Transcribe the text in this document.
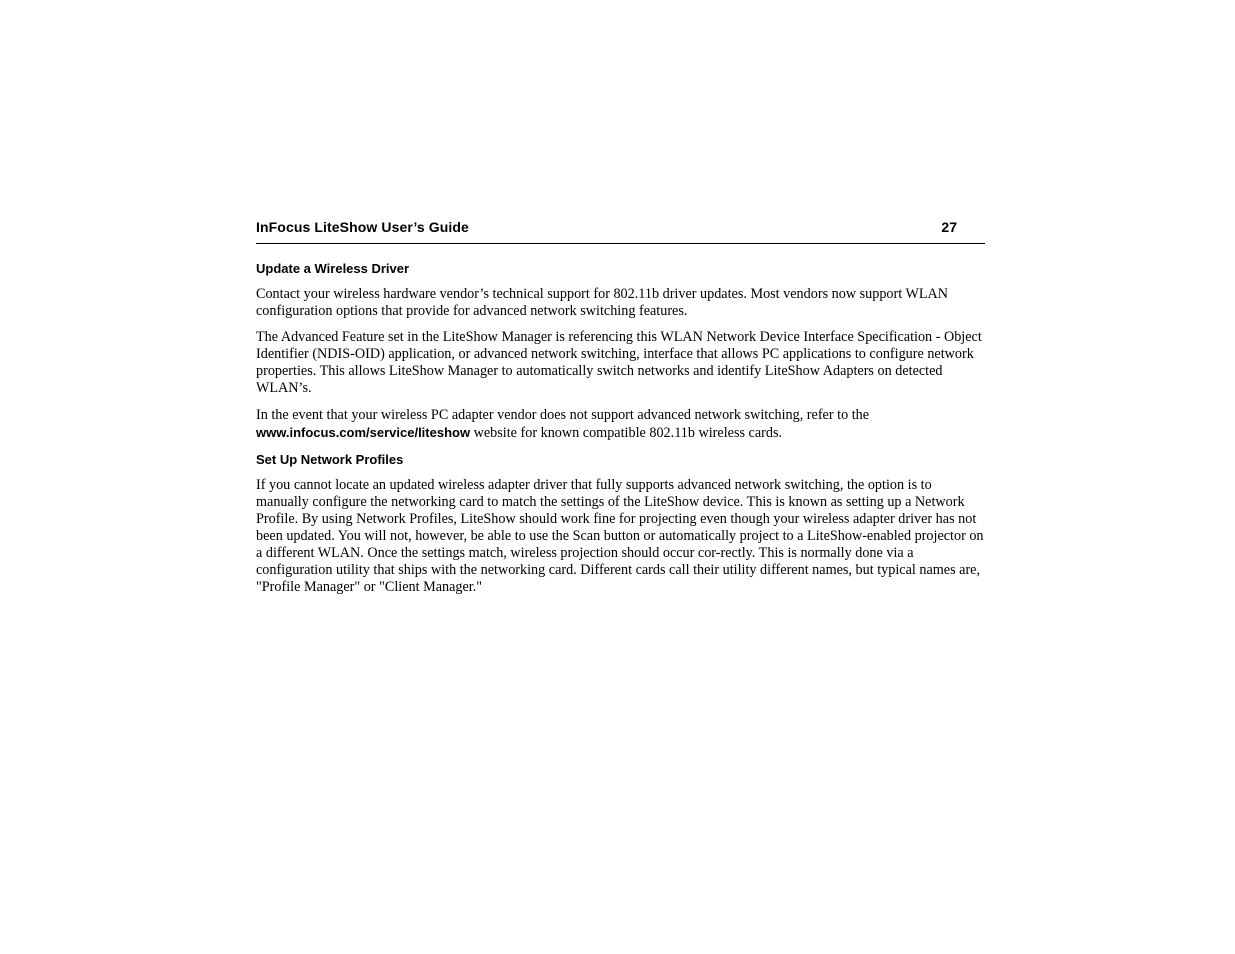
InFocus LiteShow User’s Guide	27
Update a Wireless Driver

Contact your wireless hardware vendor’s technical support for 802.11b driver updates. Most vendors now support WLAN configuration options that provide for advanced network switching features.

The Advanced Feature set in the LiteShow Manager is referencing this WLAN Network Device Interface Specification - Object Identifier (NDIS-OID) application, or advanced network switching, interface that allows PC applications to configure network properties. This allows LiteShow Manager to automatically switch networks and identify LiteShow Adapters on detected WLAN’s.

In the event that your wireless PC adapter vendor does not support advanced network switching, refer to the www.infocus.com/service/liteshow website for known compatible 802.11b wireless cards.

Set Up Network Profiles

If you cannot locate an updated wireless adapter driver that fully supports advanced network switching, the option is to manually configure the networking card to match the settings of the LiteShow device. This is known as setting up a Network Profile. By using Network Profiles, LiteShow should work fine for projecting even though your wireless adapter driver has not been updated. You will not, however, be able to use the Scan button or automatically project to a LiteShow-enabled projector on a different WLAN. Once the settings match, wireless projection should occur cor-rectly. This is normally done via a configuration utility that ships with the networking card. Different cards call their utility different names, but typical names are, "Profile Manager" or "Client Manager."
